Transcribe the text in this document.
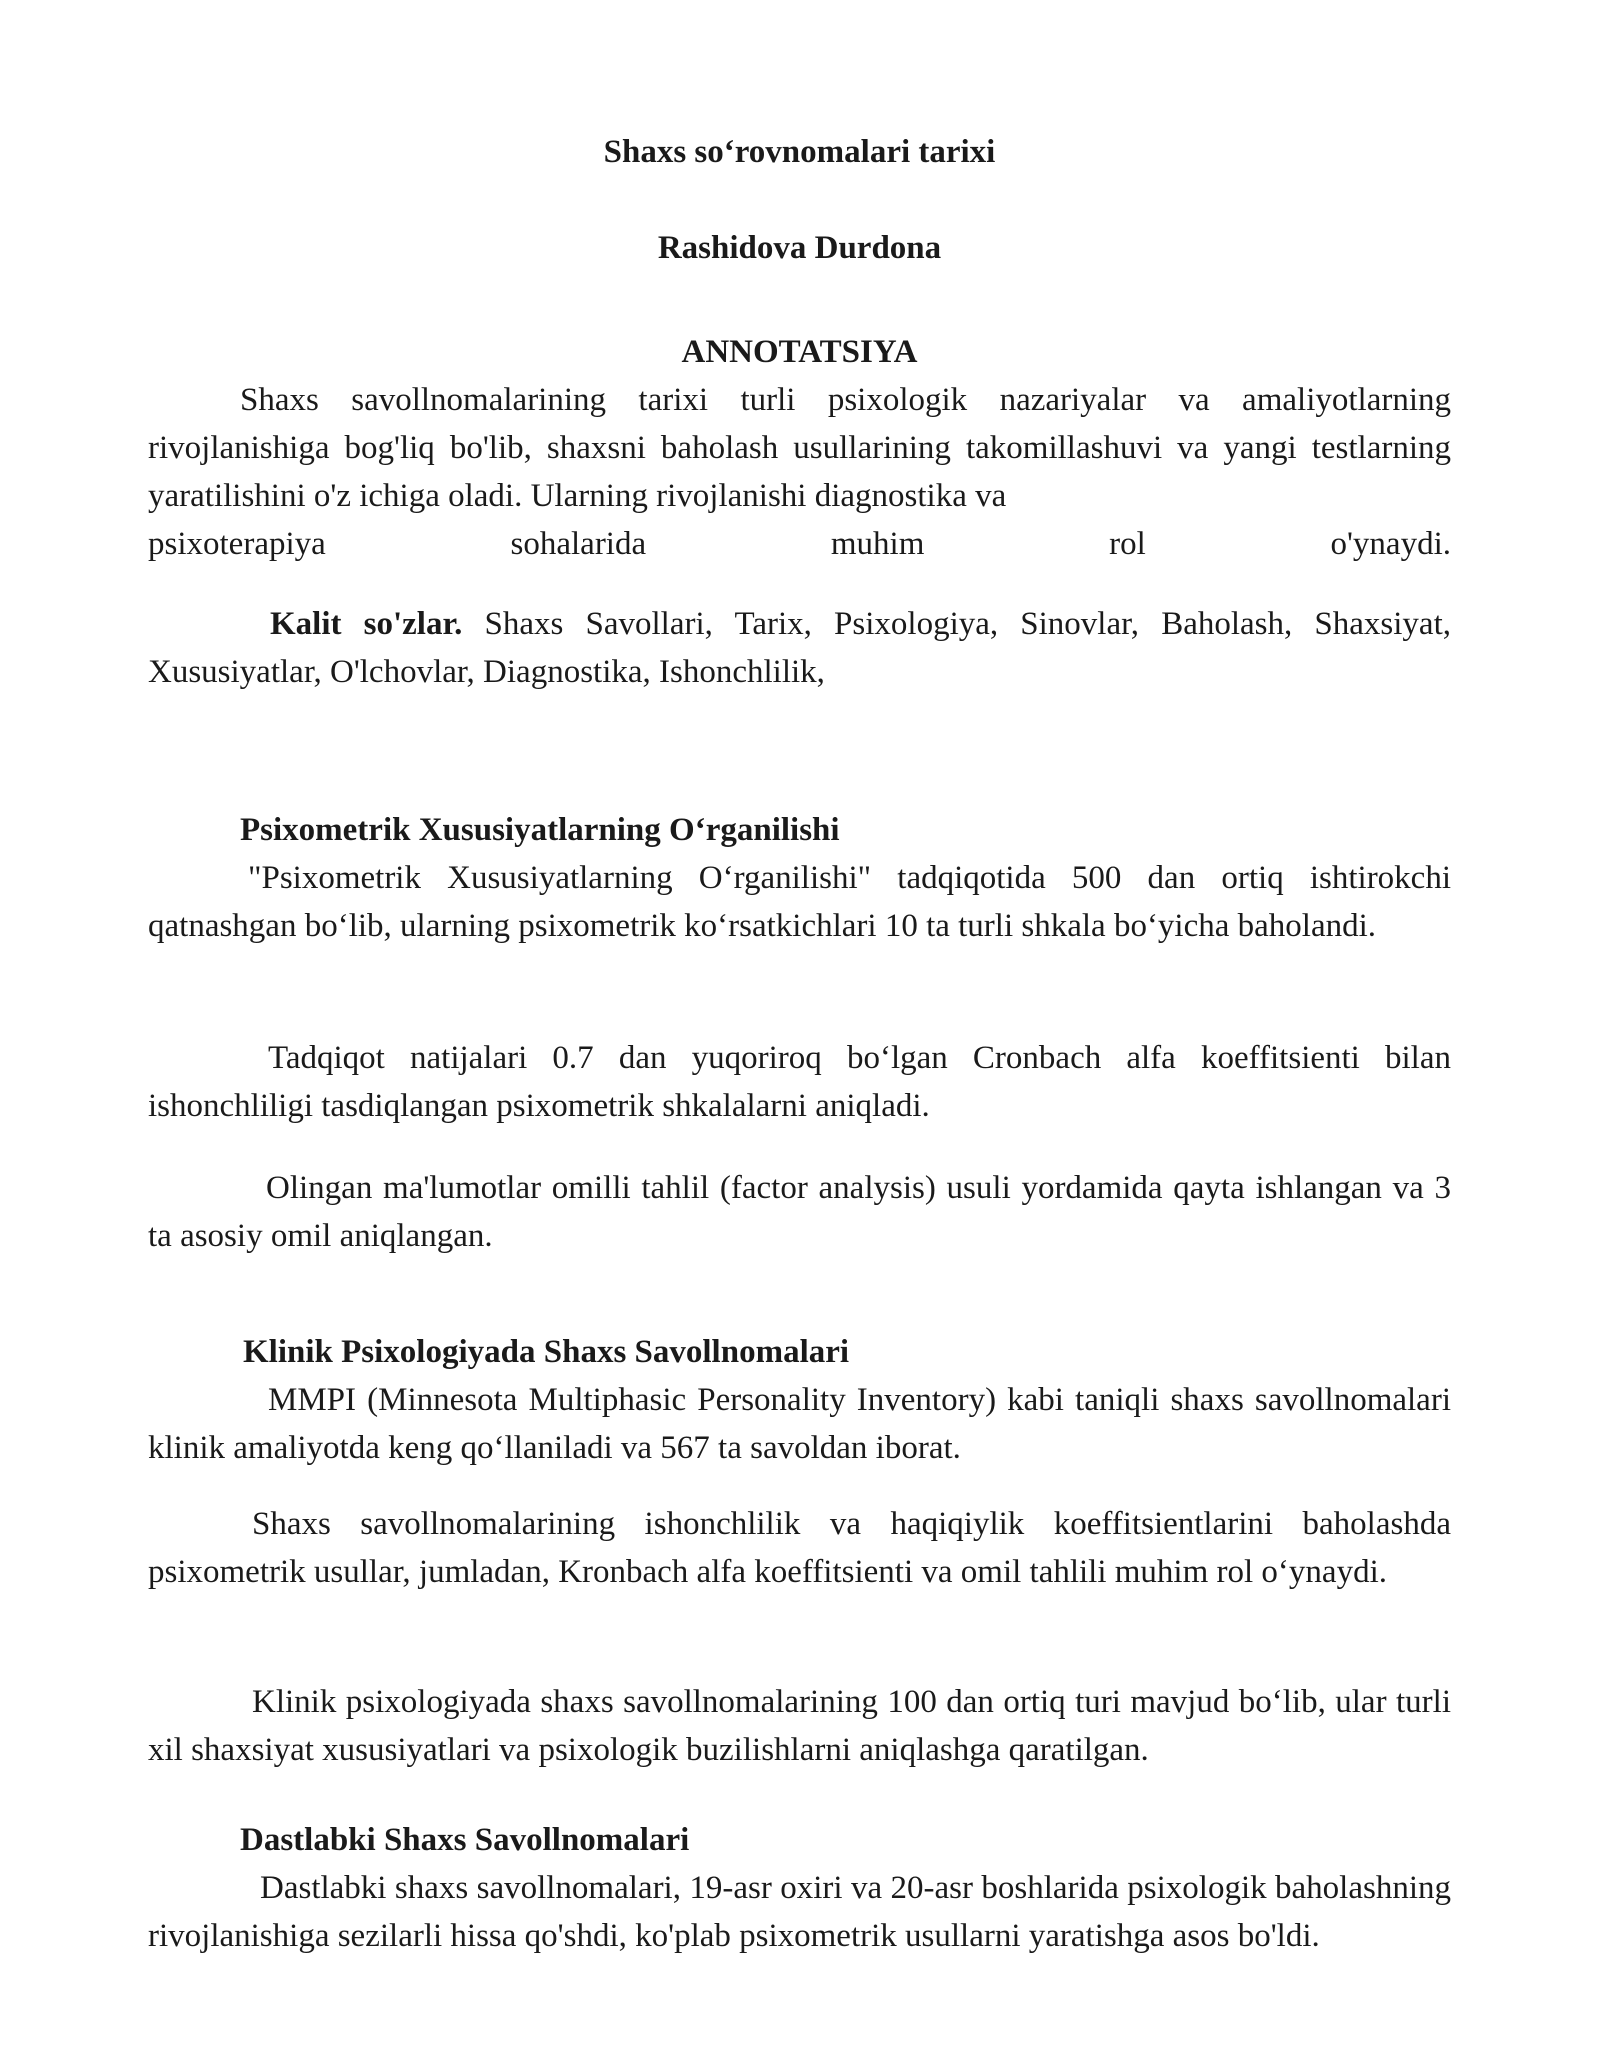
Shaxs so‘rovnomalari tarixi

Rashidova Durdona

ANNOTATSIYA

Shaxs savollnomalarining tarixi turli psixologik nazariyalar va amaliyotlarning rivojlanishiga bog'liq bo'lib, shaxsni baholash usullarining takomillashuvi va yangi testlarning yaratilishini o'z ichiga oladi. Ularning rivojlanishi diagnostika va

psixoterapiya sohalarida muhim rol o'ynaydi.

Kalit so'zlar. Shaxs Savollari, Tarix, Psixologiya, Sinovlar, Baholash, Shaxsiyat, Xususiyatlar, O'lchovlar, Diagnostika, Ishonchlilik,

Psixometrik Xususiyatlarning O‘rganilishi

"Psixometrik Xususiyatlarning O‘rganilishi" tadqiqotida 500 dan ortiq ishtirokchi qatnashgan bo‘lib, ularning psixometrik ko‘rsatkichlari 10 ta turli shkala bo‘yicha baholandi.

Tadqiqot natijalari 0.7 dan yuqoriroq bo‘lgan Cronbach alfa koeffitsienti bilan ishonchliligi tasdiqlangan psixometrik shkalalarni aniqladi.

Olingan ma'lumotlar omilli tahlil (factor analysis) usuli yordamida qayta ishlangan va 3 ta asosiy omil aniqlangan.

Klinik Psixologiyada Shaxs Savollnomalari

MMPI (Minnesota Multiphasic Personality Inventory) kabi taniqli shaxs savollnomalari klinik amaliyotda keng qo‘llaniladi va 567 ta savoldan iborat.

Shaxs savollnomalarining ishonchlilik va haqiqiylik koeffitsientlarini baholashda psixometrik usullar, jumladan, Kronbach alfa koeffitsienti va omil tahlili muhim rol o‘ynaydi.

Klinik psixologiyada shaxs savollnomalarining 100 dan ortiq turi mavjud bo‘lib, ular turli xil shaxsiyat xususiyatlari va psixologik buzilishlarni aniqlashga qaratilgan.

Dastlabki Shaxs Savollnomalari

Dastlabki shaxs savollnomalari, 19-asr oxiri va 20-asr boshlarida psixologik baholashning rivojlanishiga sezilarli hissa qo'shdi, ko'plab psixometrik usullarni yaratishga asos bo'ldi.
